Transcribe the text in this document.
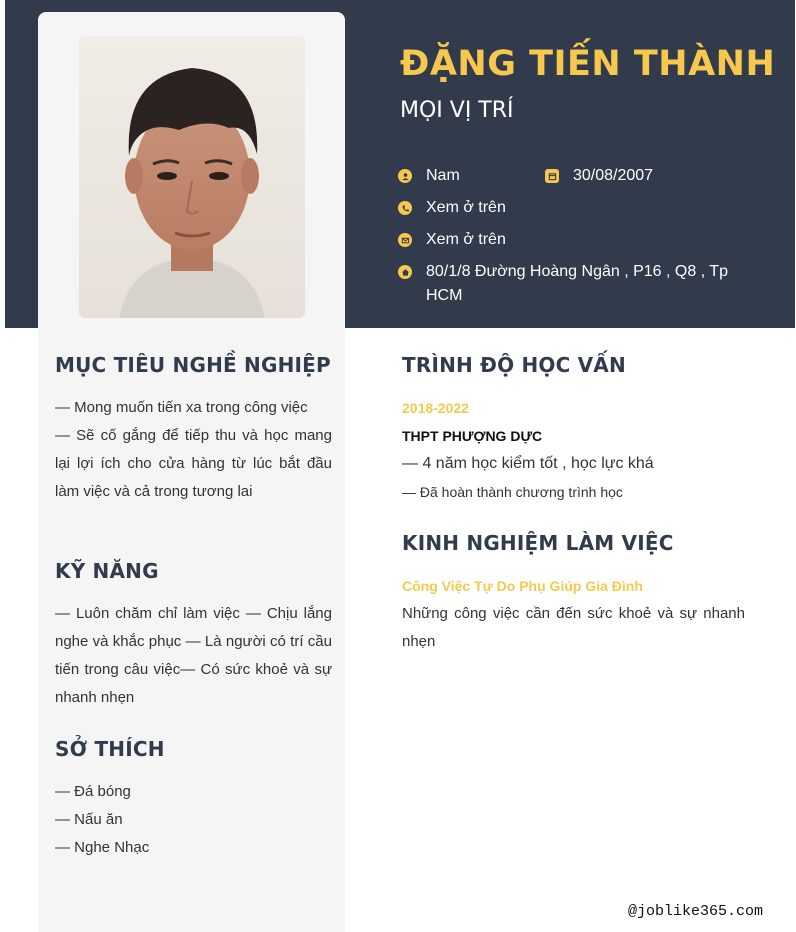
ĐẶNG TIẾN THÀNH
MỌI VỊ TRÍ
Nam	30/08/2007
Xem ở trên
Xem ở trên
80/1/8 Đường Hoàng Ngân , P16 , Q8 , Tp HCM
MỤC TIÊU NGHỀ NGHIỆP
— Mong muốn tiến xa trong công việc
— Sẽ cố gắng để tiếp thu và học mang lại lợi ích cho cửa hàng từ lúc bắt đầu làm việc và cả trong tương lai
KỸ NĂNG
— Luôn chăm chỉ làm việc — Chịu lắng nghe và khắc phục — Là người có trí cầu tiến trong câu việc— Có sức khoẻ và sự nhanh nhẹn
SỞ THÍCH
— Đá bóng
— Nấu ăn
— Nghe Nhạc
TRÌNH ĐỘ HỌC VẤN
2018-2022
THPT PHƯỢNG DỰC
— 4 năm học kiểm tốt , học lực khá
— Đã hoàn thành chương trình học
KINH NGHIỆM LÀM VIỆC
Công Việc Tự Do Phụ Giúp Gia Đình
Những công việc cần đến sức khoẻ và sự nhanh nhẹn
@joblike365.com
